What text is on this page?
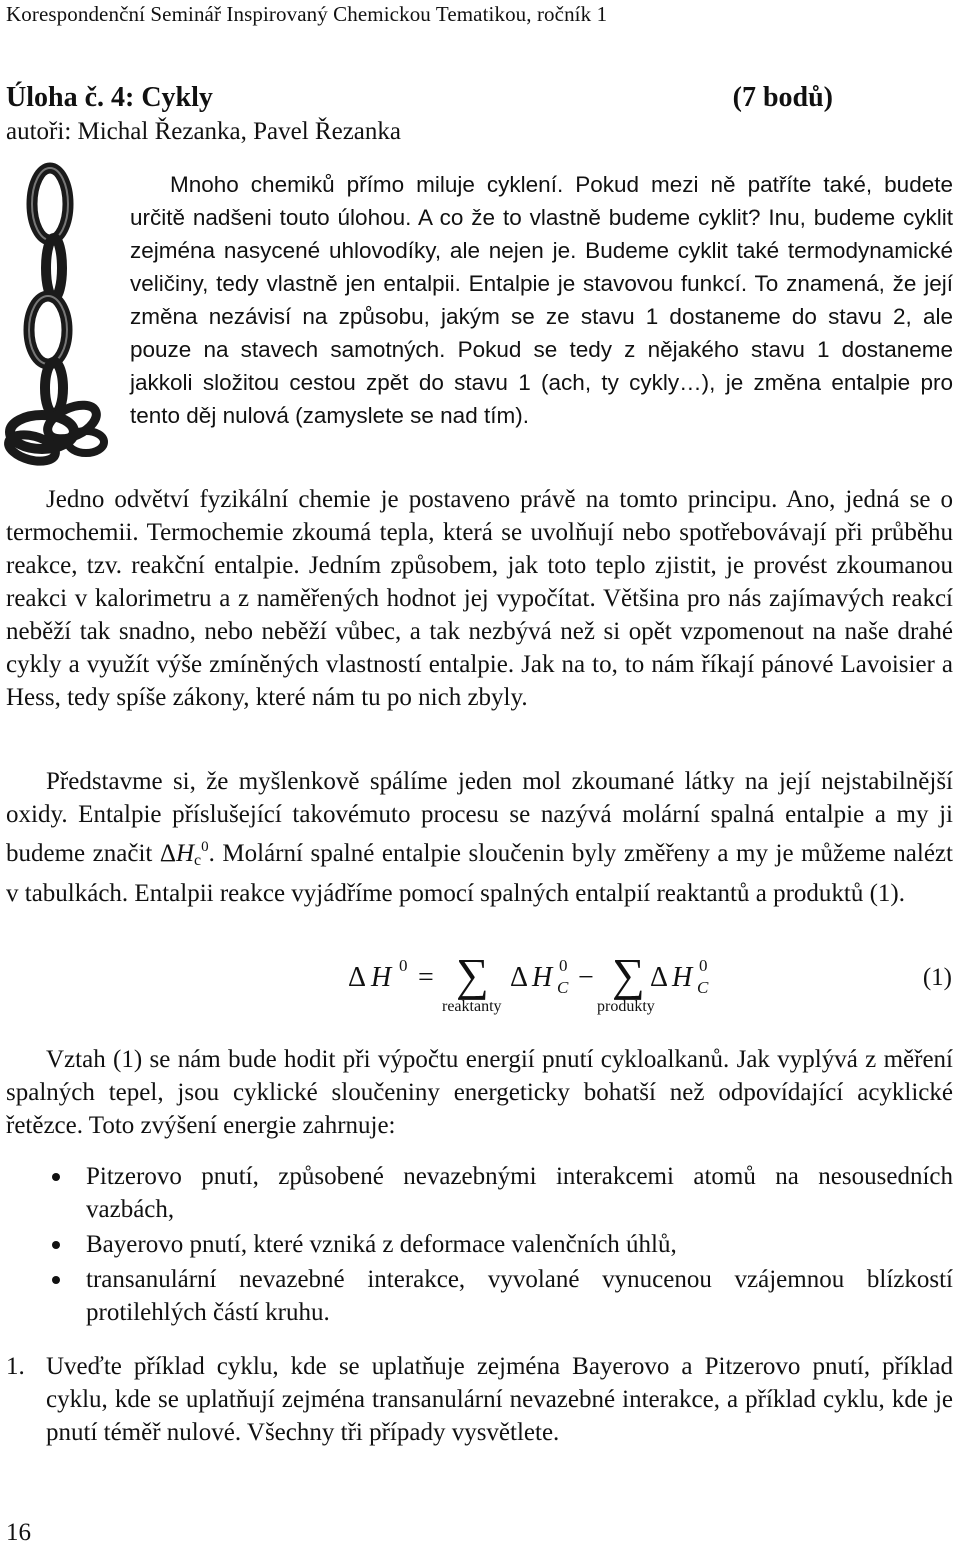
Korespondenční Seminář Inspirovaný Chemickou Tematikou, ročník 1
Úloha č. 4: Cykly	(7 bodů)
autoři: Michal Řezanka, Pavel Řezanka

Mnoho chemiků přímo miluje cyklení. Pokud mezi ně patříte také, budete určitě nadšeni touto úlohou. A co že to vlastně budeme cyklit? Inu, budeme cyklit zejména nasycené uhlovodíky, ale nejen je. Budeme cyklit také termodynamické veličiny, tedy vlastně jen entalpii. Entalpie je stavovou funkcí. To znamená, že její změna nezávisí na způsobu, jakým se ze stavu 1 dostaneme do stavu 2, ale pouze na stavech samotných. Pokud se tedy z nějakého stavu 1 dostaneme jakkoli složitou cestou zpět do stavu 1 (ach, ty cykly…), je změna entalpie pro tento děj nulová (zamyslete se nad tím).

Jedno odvětví fyzikální chemie je postaveno právě na tomto principu. Ano, jedná se o termochemii. Termochemie zkoumá tepla, která se uvolňují nebo spotřebovávají při průběhu reakce, tzv. reakční entalpie. Jedním způsobem, jak toto teplo zjistit, je provést zkoumanou reakci v kalorimetru a z naměřených hodnot jej vypočítat. Většina pro nás zajímavých reakcí neběží tak snadno, nebo neběží vůbec, a tak nezbývá než si opět vzpomenout na naše drahé cykly a využít výše zmíněných vlastností entalpie. Jak na to, to nám říkají pánové Lavoisier a Hess, tedy spíše zákony, které nám tu po nich zbyly.

Představme si, že myšlenkově spálíme jeden mol zkoumané látky na její nejstabilnější oxidy. Entalpie příslušející takovémuto procesu se nazývá molární spalná entalpie a my ji budeme značit $\Delta H_c^0$. Molární spalné entalpie sloučenin byly změřeny a my je můžeme nalézt v tabulkách. Entalpii reakce vyjádříme pomocí spalných entalpií reaktantů a produktů (1).

Δ H 0 = ∑
reaktanty
Δ H 0
C − ∑
produkty
Δ H 0
C	(1)

Vztah (1) se nám bude hodit při výpočtu energií pnutí cykloalkanů. Jak vyplývá z měření spalných tepel, jsou cyklické sloučeniny energeticky bohatší než odpovídající acyklické řetězce. Toto zvýšení energie zahrnuje:

Pitzerovo pnutí, způsobené nevazebnými interakcemi atomů na nesousedních vazbách,
Bayerovo pnutí, které vzniká z deformace valenčních úhlů,
transanulární nevazebné interakce, vyvolané vynucenou vzájemnou blízkostí protilehlých částí kruhu.
1. Uveďte příklad cyklu, kde se uplatňuje zejména Bayerovo a Pitzerovo pnutí, příklad cyklu, kde se uplatňují zejména transanulární nevazebné interakce, a příklad cyklu, kde je pnutí téměř nulové. Všechny tři případy vysvětlete.
16
